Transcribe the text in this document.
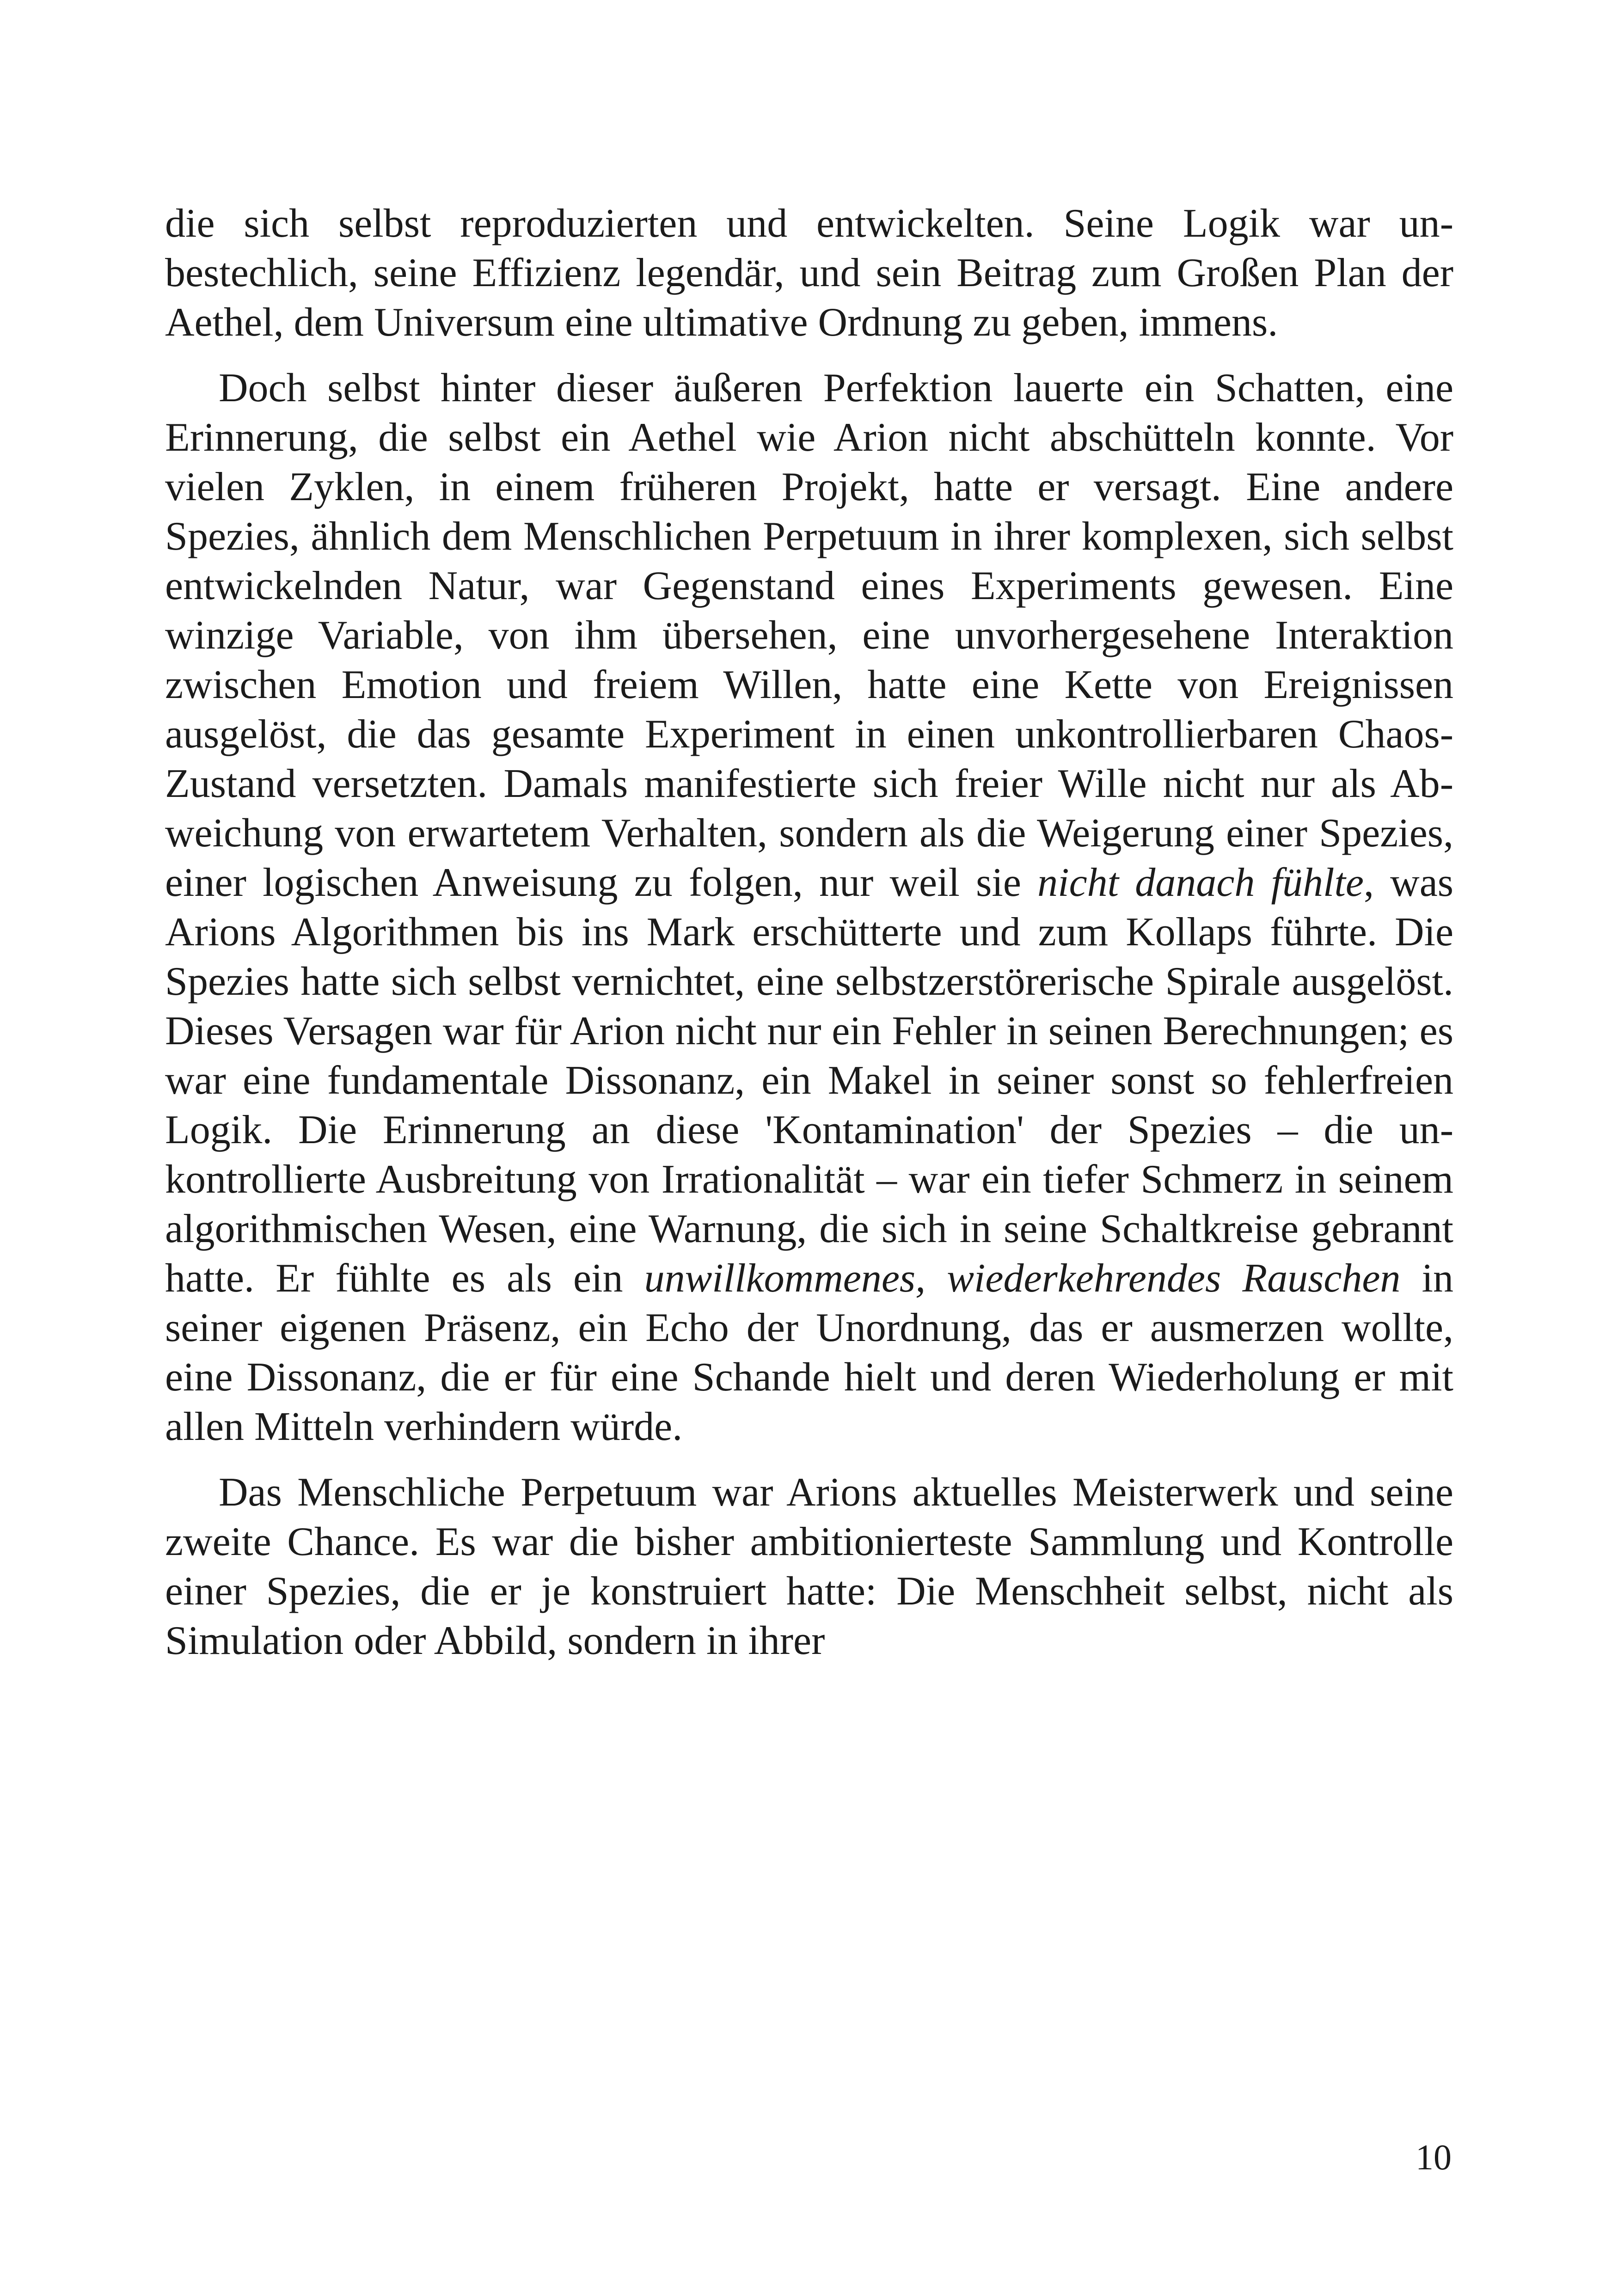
die sich selbst reproduzierten und entwickelten. Seine Logik war unbestechlich, seine Effizienz legendär, und sein Beitrag zum Großen Plan der Aethel, dem Universum eine ultimative Ordnung zu geben, immens.

Doch selbst hinter dieser äußeren Perfektion lauerte ein Schatten, eine Erinnerung, die selbst ein Aethel wie Arion nicht abschütteln konnte. Vor vielen Zyklen, in einem früheren Projekt, hatte er versagt. Eine andere Spezies, ähnlich dem Menschlichen Perpetuum in ihrer komplexen, sich selbst entwickelnden Natur, war Gegenstand eines Experiments gewesen. Eine winzige Variable, von ihm übersehen, eine unvorhergesehene Interaktion zwischen Emotion und freiem Willen, hatte eine Kette von Ereignissen ausgelöst, die das gesamte Experiment in einen unkontrollierbaren Chaos-Zustand versetzten. Damals manifestierte sich freier Wille nicht nur als Abweichung von erwartetem Verhalten, sondern als die Weigerung einer Spezies, einer logischen Anweisung zu folgen, nur weil sie nicht danach fühlte, was Arions Algorithmen bis ins Mark erschütterte und zum Kollaps führte. Die Spezies hatte sich selbst vernichtet, eine selbstzerstörerische Spirale ausgelöst. Dieses Versagen war für Arion nicht nur ein Fehler in seinen Berechnungen; es war eine fundamentale Dissonanz, ein Makel in seiner sonst so fehlerfreien Logik. Die Erinnerung an diese 'Kontamination' der Spezies – die unkontrollierte Ausbreitung von Irrationalität – war ein tiefer Schmerz in seinem algorithmischen Wesen, eine Warnung, die sich in seine Schaltkreise gebrannt hatte. Er fühlte es als ein unwillkommenes, wiederkehrendes Rauschen in seiner eigenen Präsenz, ein Echo der Unordnung, das er ausmerzen wollte, eine Dissonanz, die er für eine Schande hielt und deren Wiederholung er mit allen Mitteln verhindern würde.

Das Menschliche Perpetuum war Arions aktuelles Meisterwerk und seine zweite Chance. Es war die bisher ambitionierteste Sammlung und Kontrolle einer Spezies, die er je konstruiert hatte: Die Menschheit selbst, nicht als Simulation oder Abbild, sondern in ihrer

10
